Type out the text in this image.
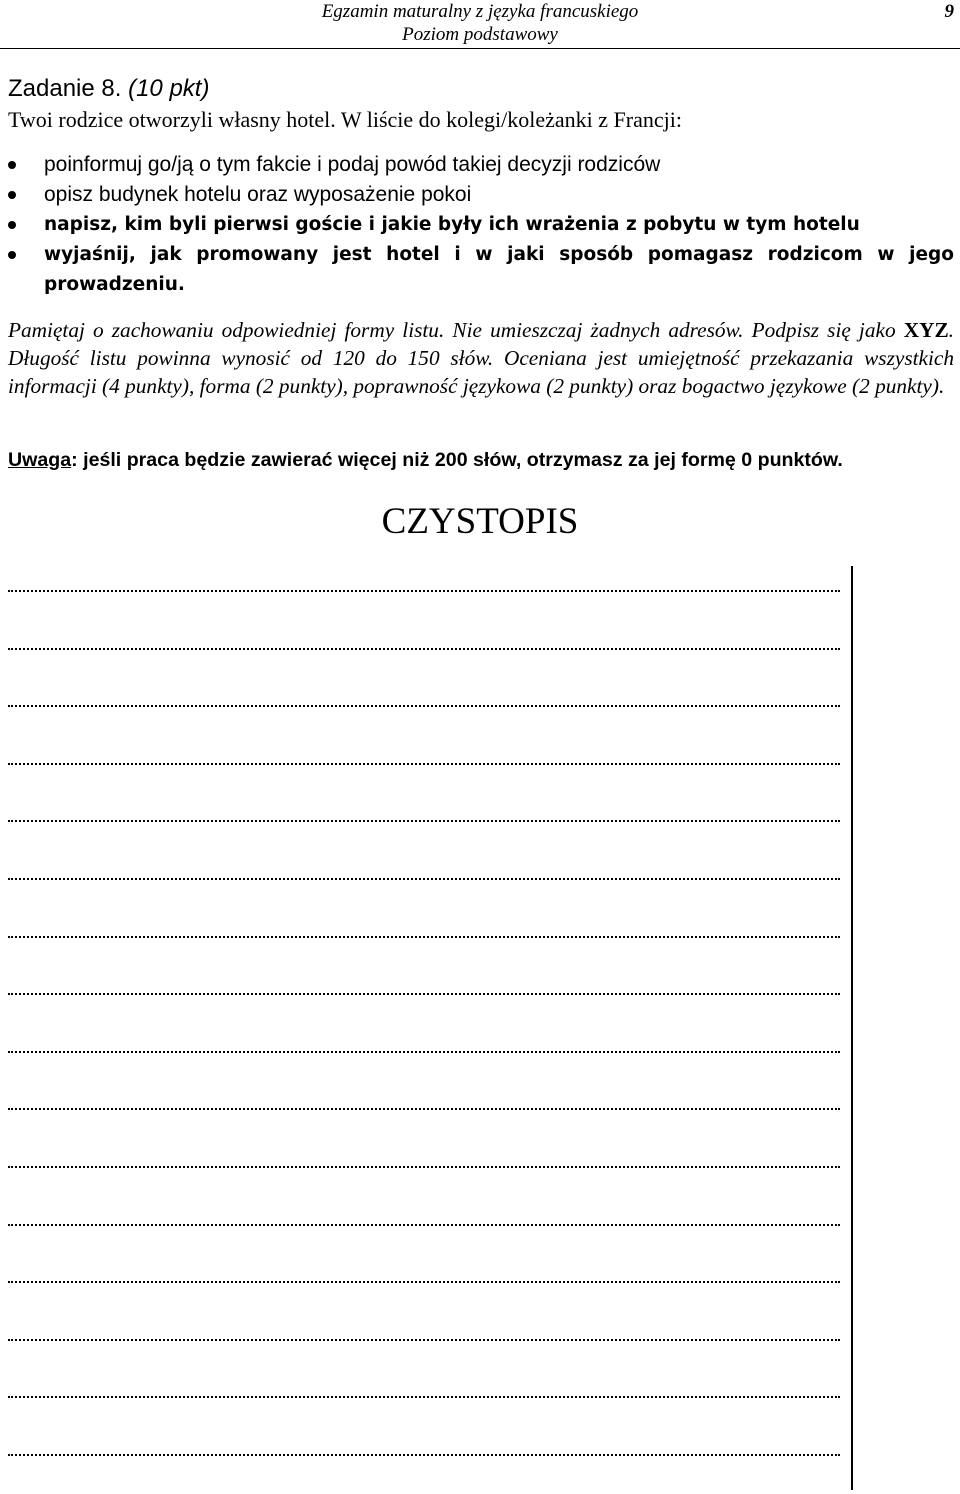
Egzamin maturalny z języka francuskiego
Poziom podstawowy
9
Zadanie 8. (10 pkt)
Twoi rodzice otworzyli własny hotel. W liście do kolegi/koleżanki z Francji:
poinformuj go/ją o tym fakcie i podaj powód takiej decyzji rodziców
opisz budynek hotelu oraz wyposażenie pokoi
napisz, kim byli pierwsi goście i jakie były ich wrażenia z pobytu w tym hotelu
wyjaśnij, jak promowany jest hotel i w jaki sposób pomagasz rodzicom w jego prowadzeniu.
Pamiętaj o zachowaniu odpowiedniej formy listu. Nie umieszczaj żadnych adresów. Podpisz się jako XYZ. Długość listu powinna wynosić od 120 do 150 słów. Oceniana jest umiejętność przekazania wszystkich informacji (4 punkty), forma (2 punkty), poprawność językowa (2 punkty) oraz bogactwo językowe (2 punkty).
Uwaga: jeśli praca będzie zawierać więcej niż 200 słów, otrzymasz za jej formę 0 punktów.
CZYSTOPIS
